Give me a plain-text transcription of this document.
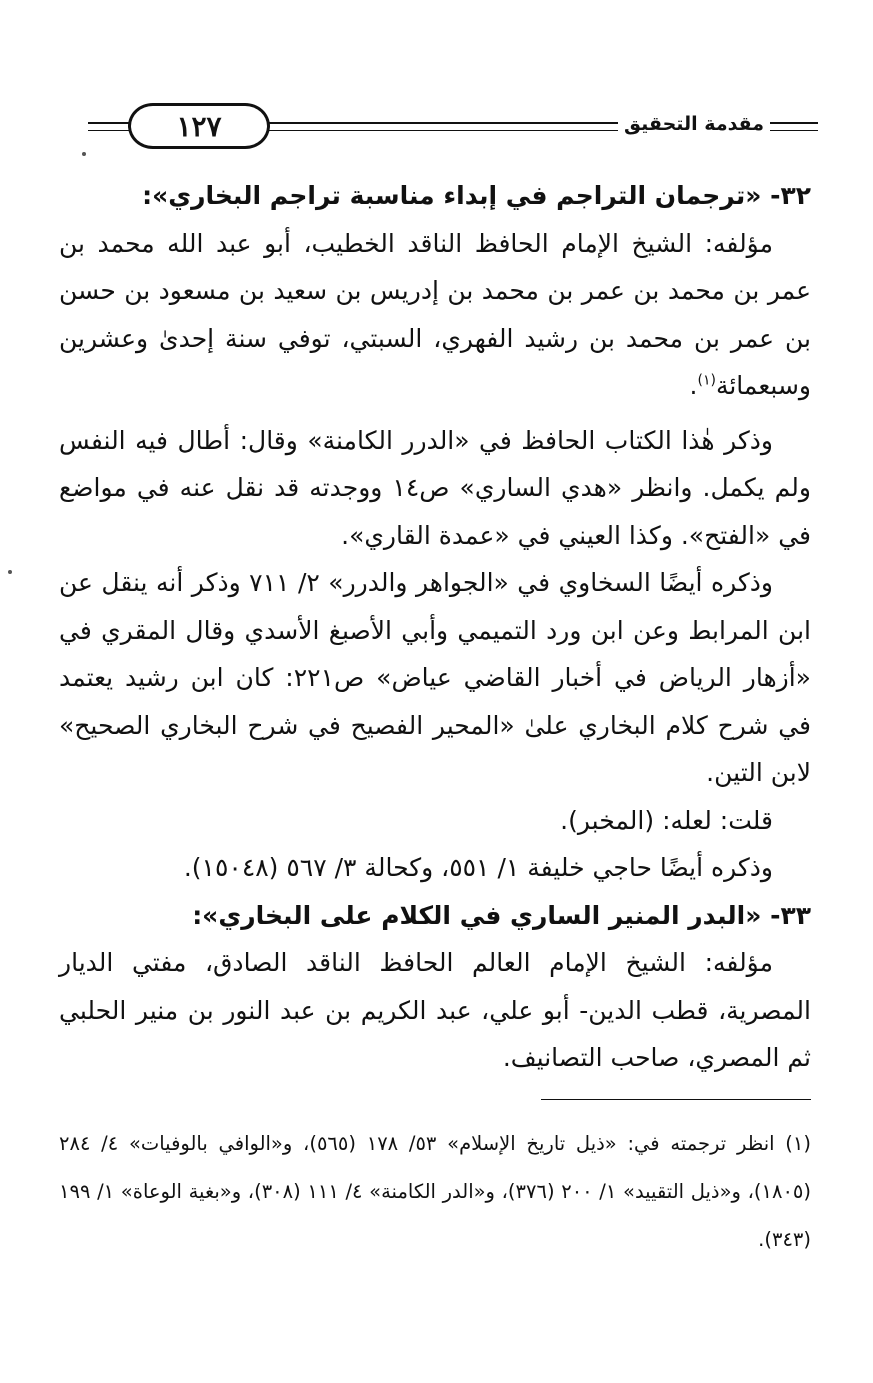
١٢٧	مقدمة التحقيق

٣٢- «ترجمان التراجم في إبداء مناسبة تراجم البخاري»:

مؤلفه: الشيخ الإمام الحافظ الناقد الخطيب، أبو عبد الله محمد بن عمر بن محمد بن عمر بن محمد بن إدريس بن سعيد بن مسعود بن حسن بن عمر بن محمد بن رشيد الفهري، السبتي، توفي سنة إحدىٰ وعشرين وسبعمائة$^{(١)}$.

وذكر هٰذا الكتاب الحافظ في «الدرر الكامنة» وقال: أطال فيه النفس ولم يكمل. وانظر «هدي الساري» ص١٤ ووجدته قد نقل عنه في مواضع في «الفتح». وكذا العيني في «عمدة القاري».

وذكره أيضًا السخاوي في «الجواهر والدرر» ٢/ ٧١١ وذكر أنه ينقل عن ابن المرابط وعن ابن ورد التميمي وأبي الأصبغ الأسدي وقال المقري في «أزهار الرياض في أخبار القاضي عياض» ص٢٢١: كان ابن رشيد يعتمد في شرح كلام البخاري علىٰ «المحير الفصيح في شرح البخاري الصحيح» لابن التين.

قلت: لعله: (المخبر).

وذكره أيضًا حاجي خليفة ١/ ٥٥١، وكحالة ٣/ ٥٦٧ (١٥٠٤٨).

٣٣- «البدر المنير الساري في الكلام على البخاري»:

مؤلفه: الشيخ الإمام العالم الحافظ الناقد الصادق، مفتي الديار المصرية، قطب الدين- أبو علي، عبد الكريم بن عبد النور بن منير الحلبي ثم المصري، صاحب التصانيف.

(١) انظر ترجمته في: «ذيل تاريخ الإسلام» ٥٣/ ١٧٨ (٥٦٥)، و«الوافي بالوفيات» ٤/ ٢٨٤ (١٨٠٥)، و«ذيل التقييد» ١/ ٢٠٠ (٣٧٦)، و«الدر الكامنة» ٤/ ١١١ (٣٠٨)، و«بغية الوعاة» ١/ ١٩٩ (٣٤٣).
